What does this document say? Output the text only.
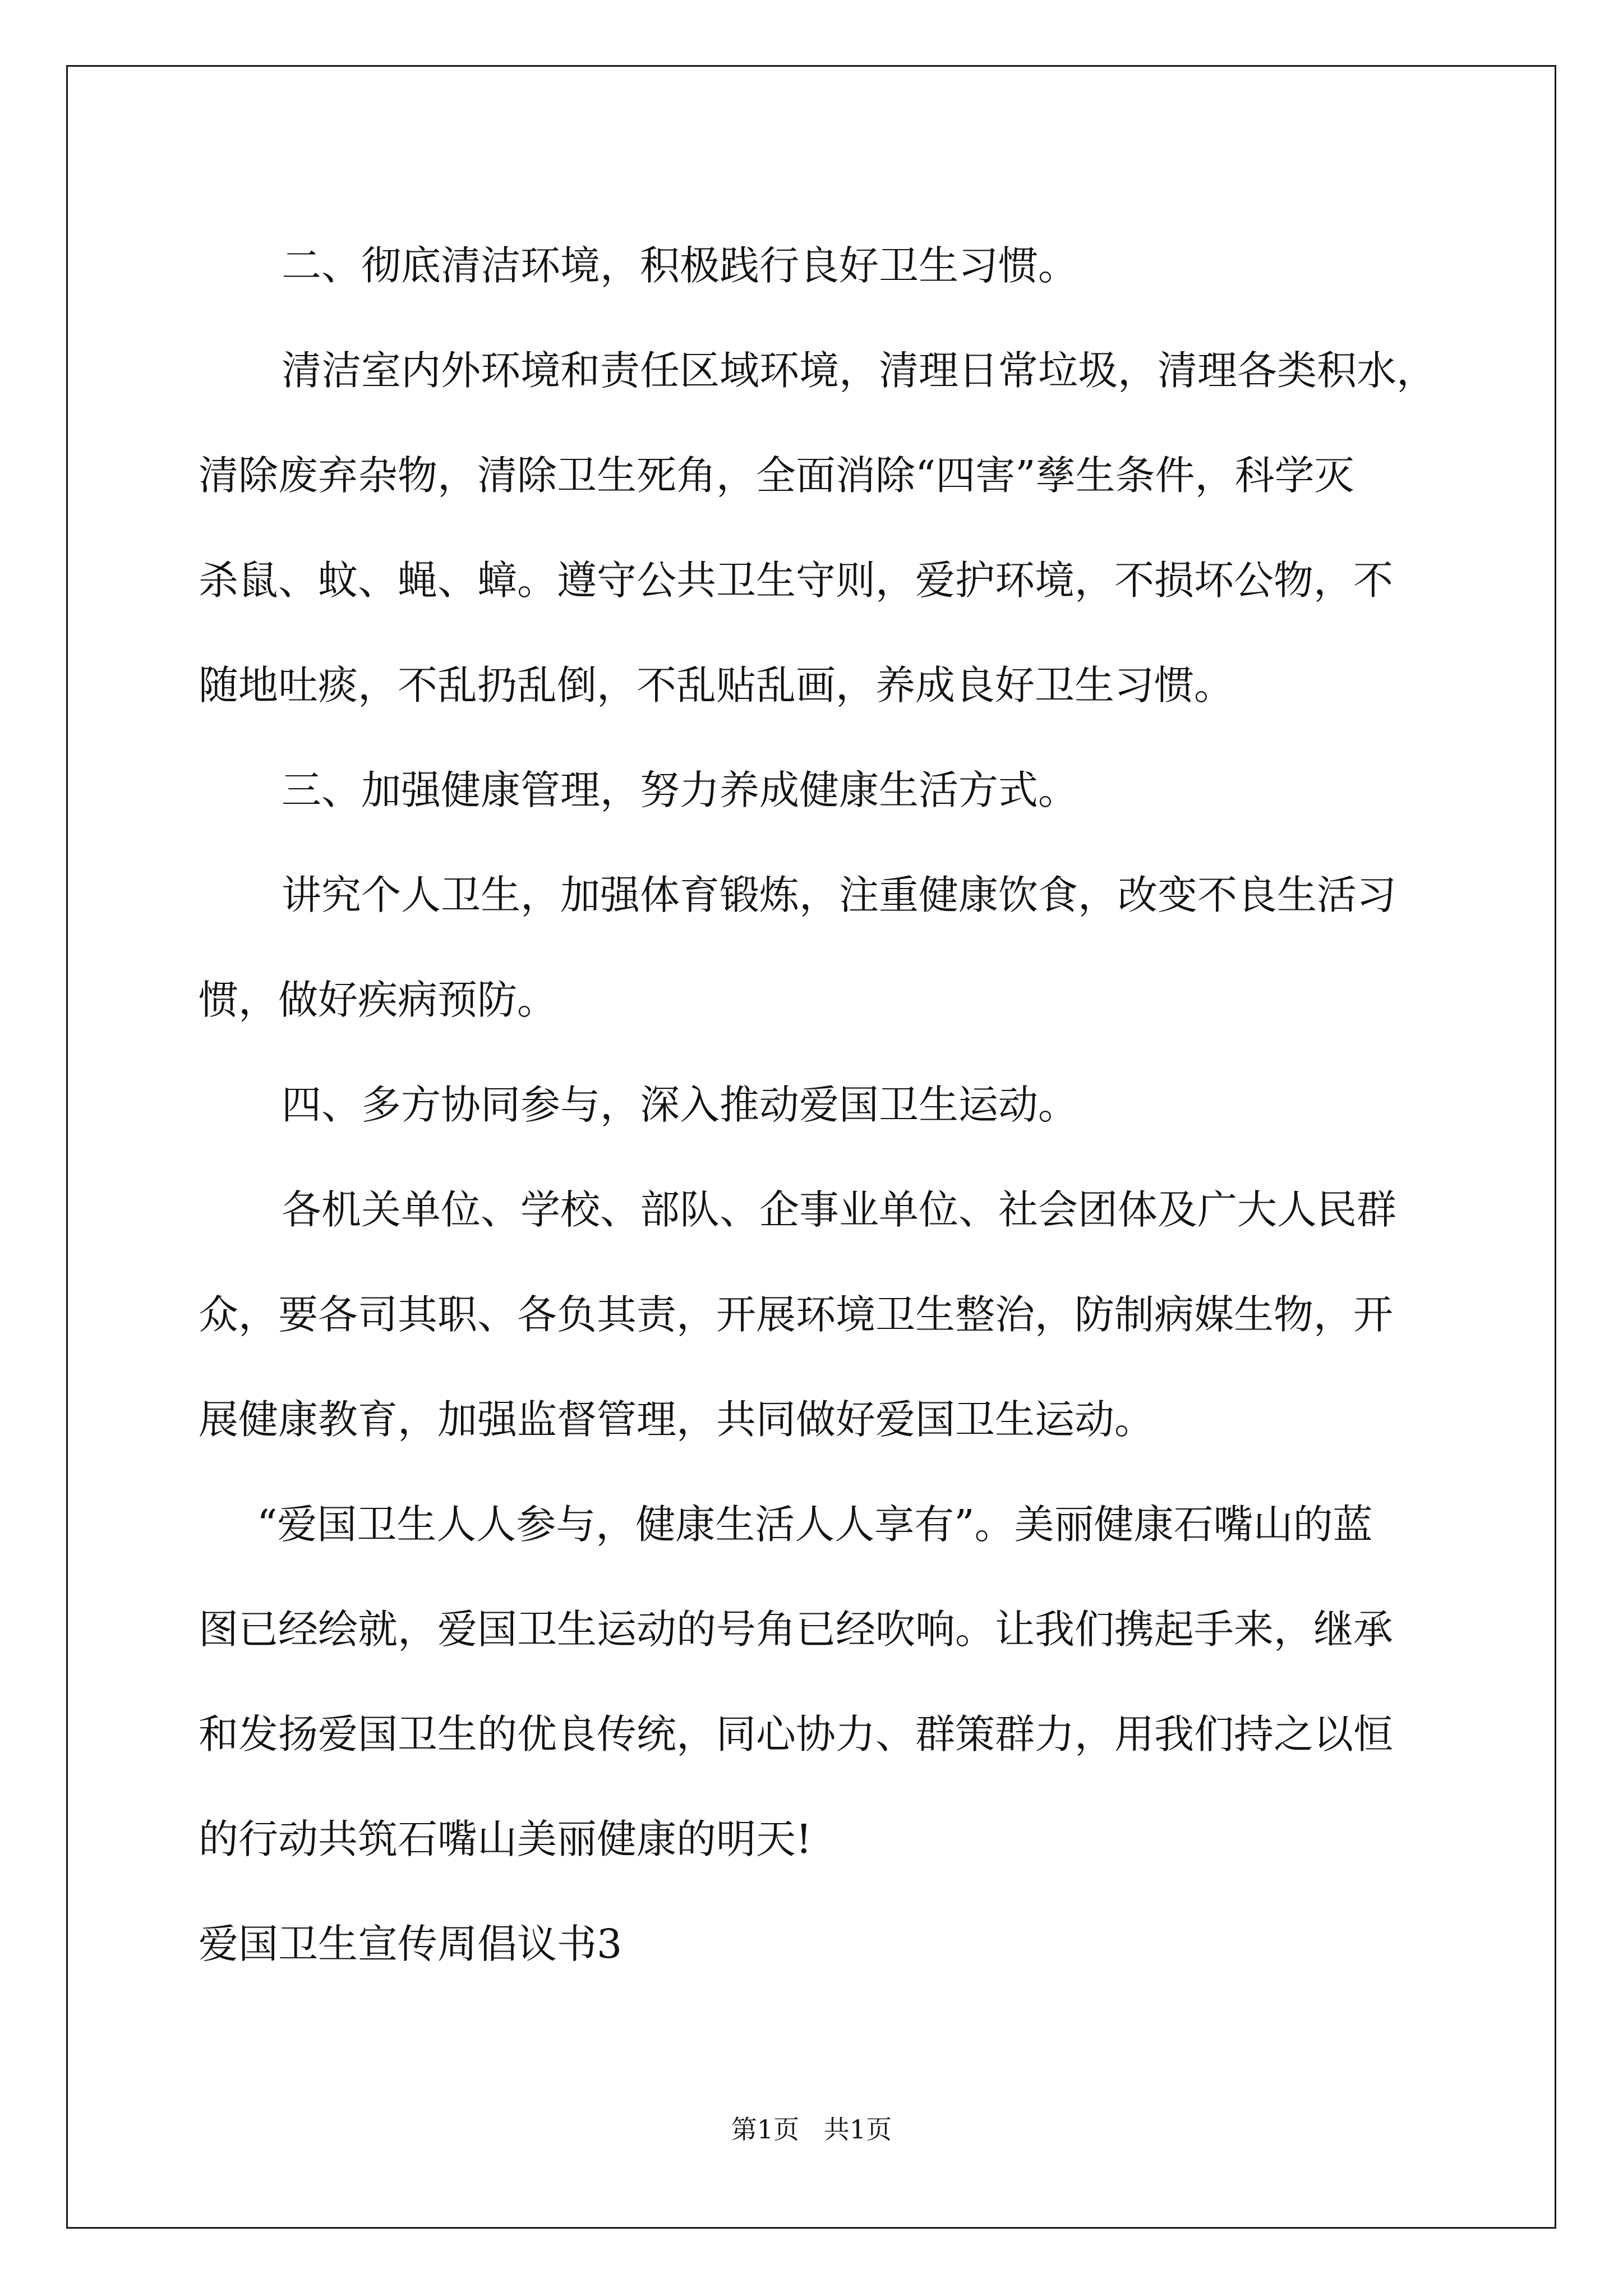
二、彻底清洁环境，积极践行良好卫生习惯。
清洁室内外环境和责任区域环境，清理日常垃圾，清理各类积水，
清除废弃杂物，清除卫生死角，全面消除“四害”孳生条件，科学灭
杀鼠、蚊、蝇、蟑。遵守公共卫生守则，爱护环境，不损坏公物，不
随地吐痰，不乱扔乱倒，不乱贴乱画，养成良好卫生习惯。
三、加强健康管理，努力养成健康生活方式。
讲究个人卫生，加强体育锻炼，注重健康饮食，改变不良生活习
惯，做好疾病预防。
四、多方协同参与，深入推动爱国卫生运动。
各机关单位、学校、部队、企事业单位、社会团体及广大人民群
众，要各司其职、各负其责，开展环境卫生整治，防制病媒生物，开
展健康教育，加强监督管理，共同做好爱国卫生运动。
“爱国卫生人人参与，健康生活人人享有”。美丽健康石嘴山的蓝
图已经绘就，爱国卫生运动的号角已经吹响。让我们携起手来，继承
和发扬爱国卫生的优良传统，同心协力、群策群力，用我们持之以恒
的行动共筑石嘴山美丽健康的明天!
爱国卫生宣传周倡议书3
第1页   共1页
